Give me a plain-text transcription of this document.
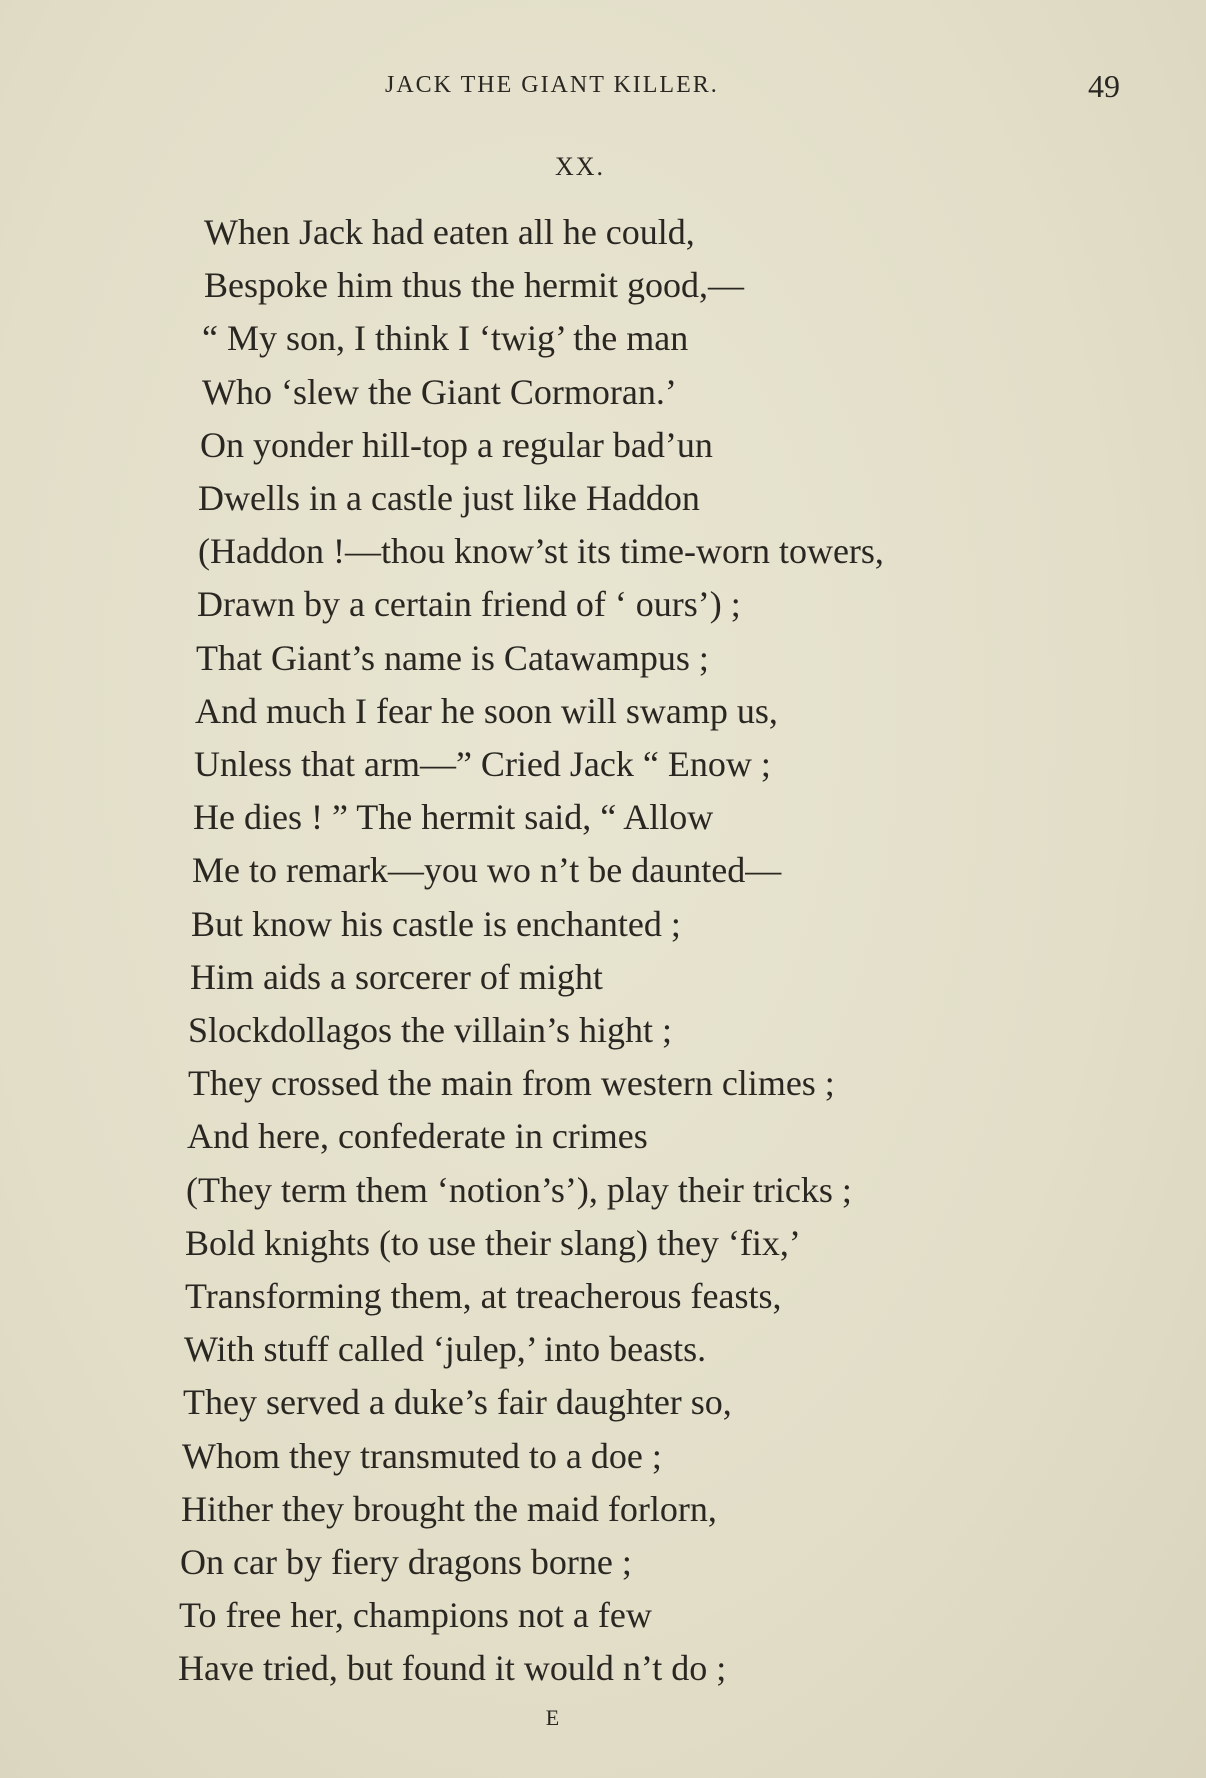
JACK THE GIANT KILLER.	49
XX.
When Jack had eaten all he could,
Bespoke him thus the hermit good,—
“ My son, I think I ‘twig’ the man
Who ‘slew the Giant Cormoran.’
On yonder hill-top a regular bad’un
Dwells in a castle just like Haddon
(Haddon !—thou know’st its time-worn towers,
Drawn by a certain friend of ‘ ours’) ;
That Giant’s name is Catawampus ;
And much I fear he soon will swamp us,
Unless that arm—” Cried Jack “ Enow ;
He dies ! ” The hermit said, “ Allow
Me to remark—you wo n’t be daunted—
But know his castle is enchanted ;
Him aids a sorcerer of might
Slockdollagos the villain’s hight ;
They crossed the main from western climes ;
And here, confederate in crimes
(They term them ‘notion’s’), play their tricks ;
Bold knights (to use their slang) they ‘fix,’
Transforming them, at treacherous feasts,
With stuff called ‘julep,’ into beasts.
They served a duke’s fair daughter so,
Whom they transmuted to a doe ;
Hither they brought the maid forlorn,
On car by fiery dragons borne ;
To free her, champions not a few
Have tried, but found it would n’t do ;
E
